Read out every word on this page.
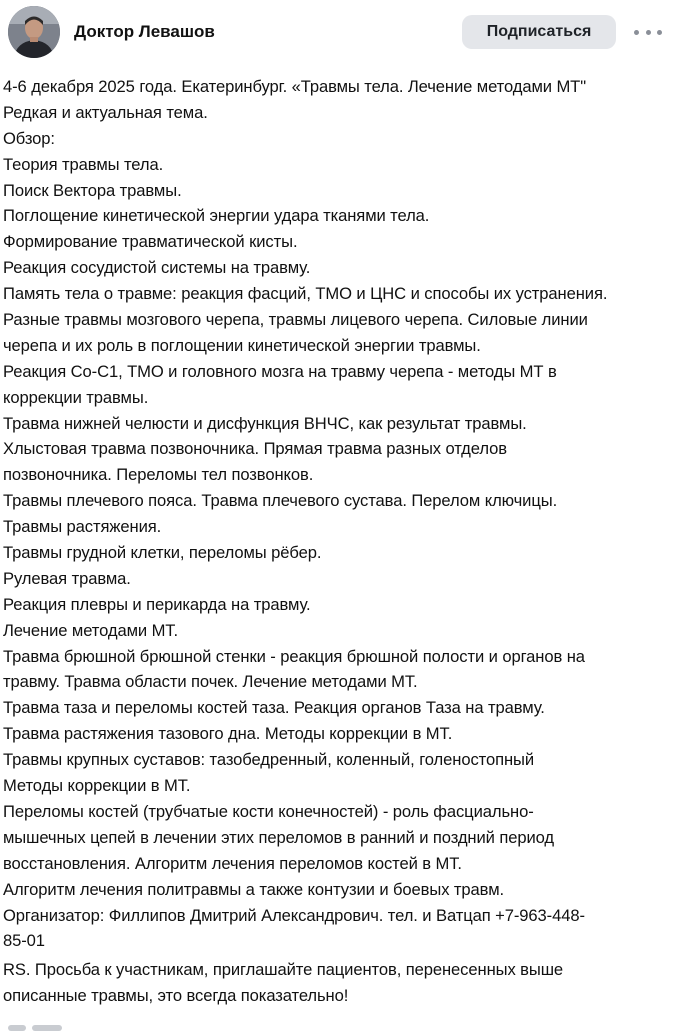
Доктор Левашов	Подписаться
4-6 декабря 2025 года. Екатеринбург. «Травмы тела. Лечение методами МТ"
Редкая и актуальная тема.
Обзор:
Теория травмы тела.
Поиск Вектора травмы.
Поглощение кинетической энергии удара тканями тела.
Формирование травматической кисты.
Реакция сосудистой системы на травму.
Память тела о травме: реакция фасций, ТМО и ЦНС и способы их устранения.
Разные травмы мозгового черепа, травмы лицевого черепа. Силовые линии
черепа и их роль в поглощении кинетической энергии травмы.
Реакция Со-С1, ТМО и головного мозга на травму черепа - методы МТ в
коррекции травмы.
Травма нижней челюсти и дисфункция ВНЧС, как результат травмы.
Хлыстовая травма позвоночника. Прямая травма разных отделов
позвоночника. Переломы тел позвонков.
Травмы плечевого пояса. Травма плечевого сустава. Перелом ключицы.
Травмы растяжения.
Травмы грудной клетки, переломы рёбер.
Рулевая травма.
Реакция плевры и перикарда на травму.
Лечение методами МТ.
Травма брюшной брюшной стенки - реакция брюшной полости и органов на
травму. Травма области почек. Лечение методами МТ.
Травма таза и переломы костей таза. Реакция органов Таза на травму.
Травма растяжения тазового дна. Методы коррекции в МТ.
Травмы крупных суставов: тазобедренный, коленный, голеностопный
Методы коррекции в МТ.
Переломы костей (трубчатые кости конечностей) - роль фасциально-
мышечных цепей в лечении этих переломов в ранний и поздний период
восстановления. Алгоритм лечения переломов костей в МТ.
Алгоритм лечения политравмы а также контузии и боевых травм.
Организатор: Филлипов Дмитрий Александрович. тел. и Ватцап +7-963-448-
85-01
RS. Просьба к участникам, приглашайте пациентов, перенесенных выше
описанные травмы, это всегда показательно!
